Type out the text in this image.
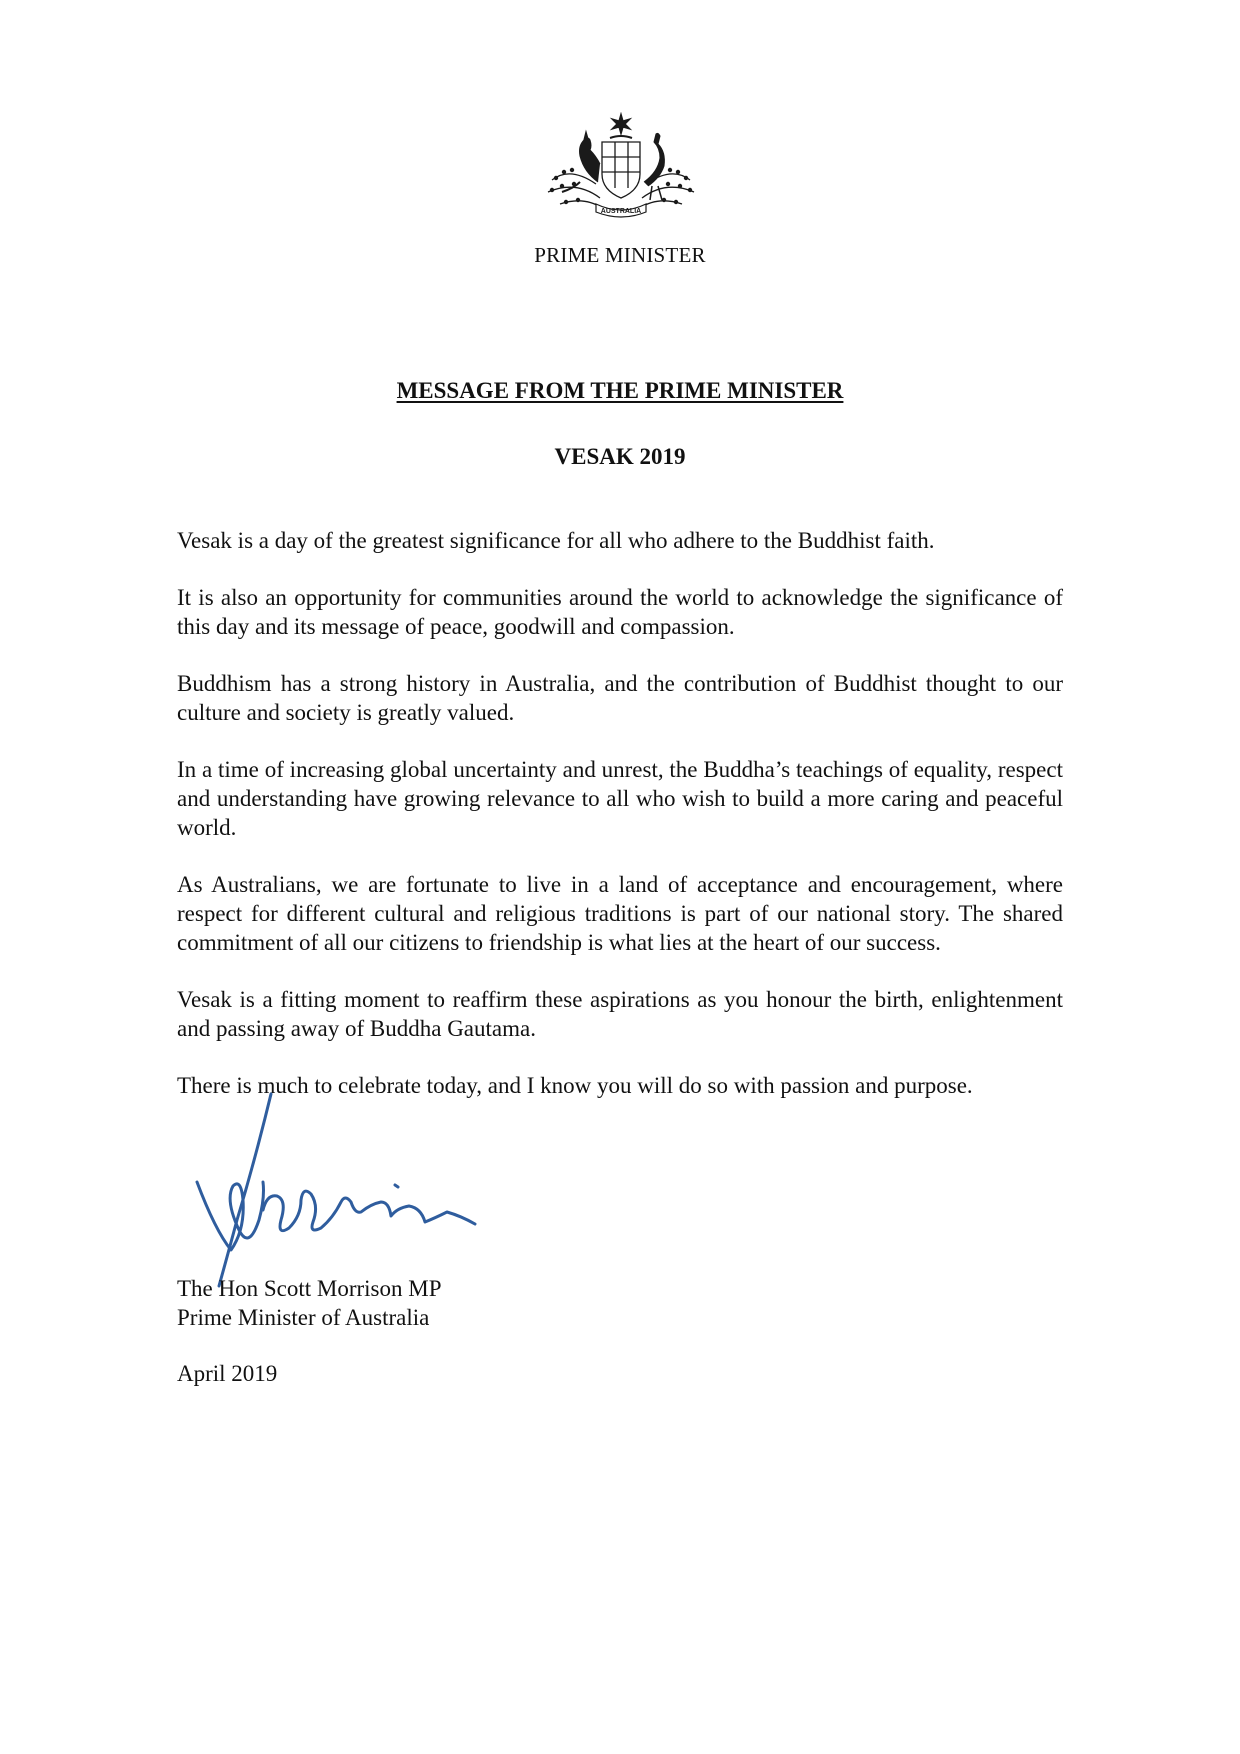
AUSTRALIA
PRIME MINISTER
MESSAGE FROM THE PRIME MINISTER
VESAK 2019

Vesak is a day of the greatest significance for all who adhere to the Buddhist faith.

It is also an opportunity for communities around the world to acknowledge the significance of this day and its message of peace, goodwill and compassion.

Buddhism has a strong history in Australia, and the contribution of Buddhist thought to our culture and society is greatly valued.

In a time of increasing global uncertainty and unrest, the Buddha’s teachings of equality, respect and understanding have growing relevance to all who wish to build a more caring and peaceful world.

As Australians, we are fortunate to live in a land of acceptance and encouragement, where respect for different cultural and religious traditions is part of our national story. The shared commitment of all our citizens to friendship is what lies at the heart of our success.

Vesak is a fitting moment to reaffirm these aspirations as you honour the birth, enlightenment and passing away of Buddha Gautama.

There is much to celebrate today, and I know you will do so with passion and purpose.

The Hon Scott Morrison MP
Prime Minister of Australia
April 2019
